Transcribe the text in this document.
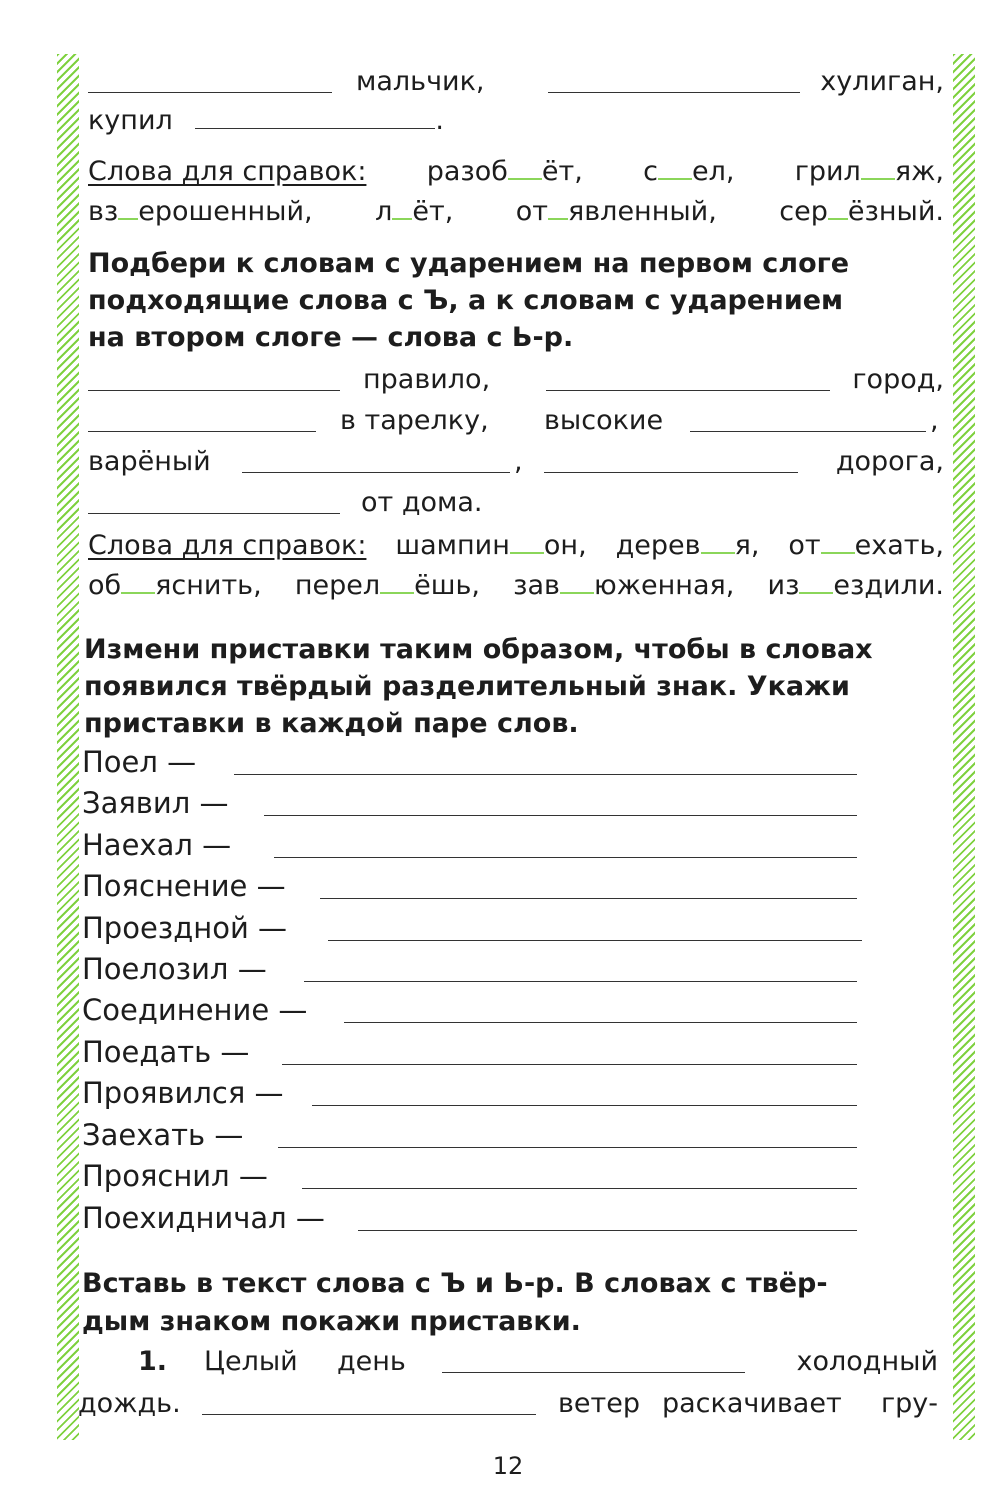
мальчик,	хулиган,
купил	.
Слова для справок: разоб ёт, с ел, грил яж,
вз ерошенный, л ёт, от явленный, сер ёзный.
Подбери к словам с ударением на первом слоге
подходящие слова с Ъ, а к словам с ударением
на втором слоге — слова с Ь-р.
правило,	город,
в тарелку, высокие	,
варёный	,	дорога,
от дома.
Слова для справок: шампин он, дерев я, от ехать,
об яснить, перел ёшь, зав юженная, из ездили.
Измени приставки таким образом, чтобы в словах
появился твёрдый разделительный знак. Укажи
приставки в каждой паре слов.
Поел —
Заявил —
Наехал —
Пояснение —
Проездной —
Поелозил —
Соединение —
Поедать —
Проявился —
Заехать —
Прояснил —
Поехидничал —
Вставь в текст слова с Ъ и Ь-р. В словах с твёр-
дым знаком покажи приставки.
1. Целый день	холодный
дождь.	ветер раскачивает гру-
12
